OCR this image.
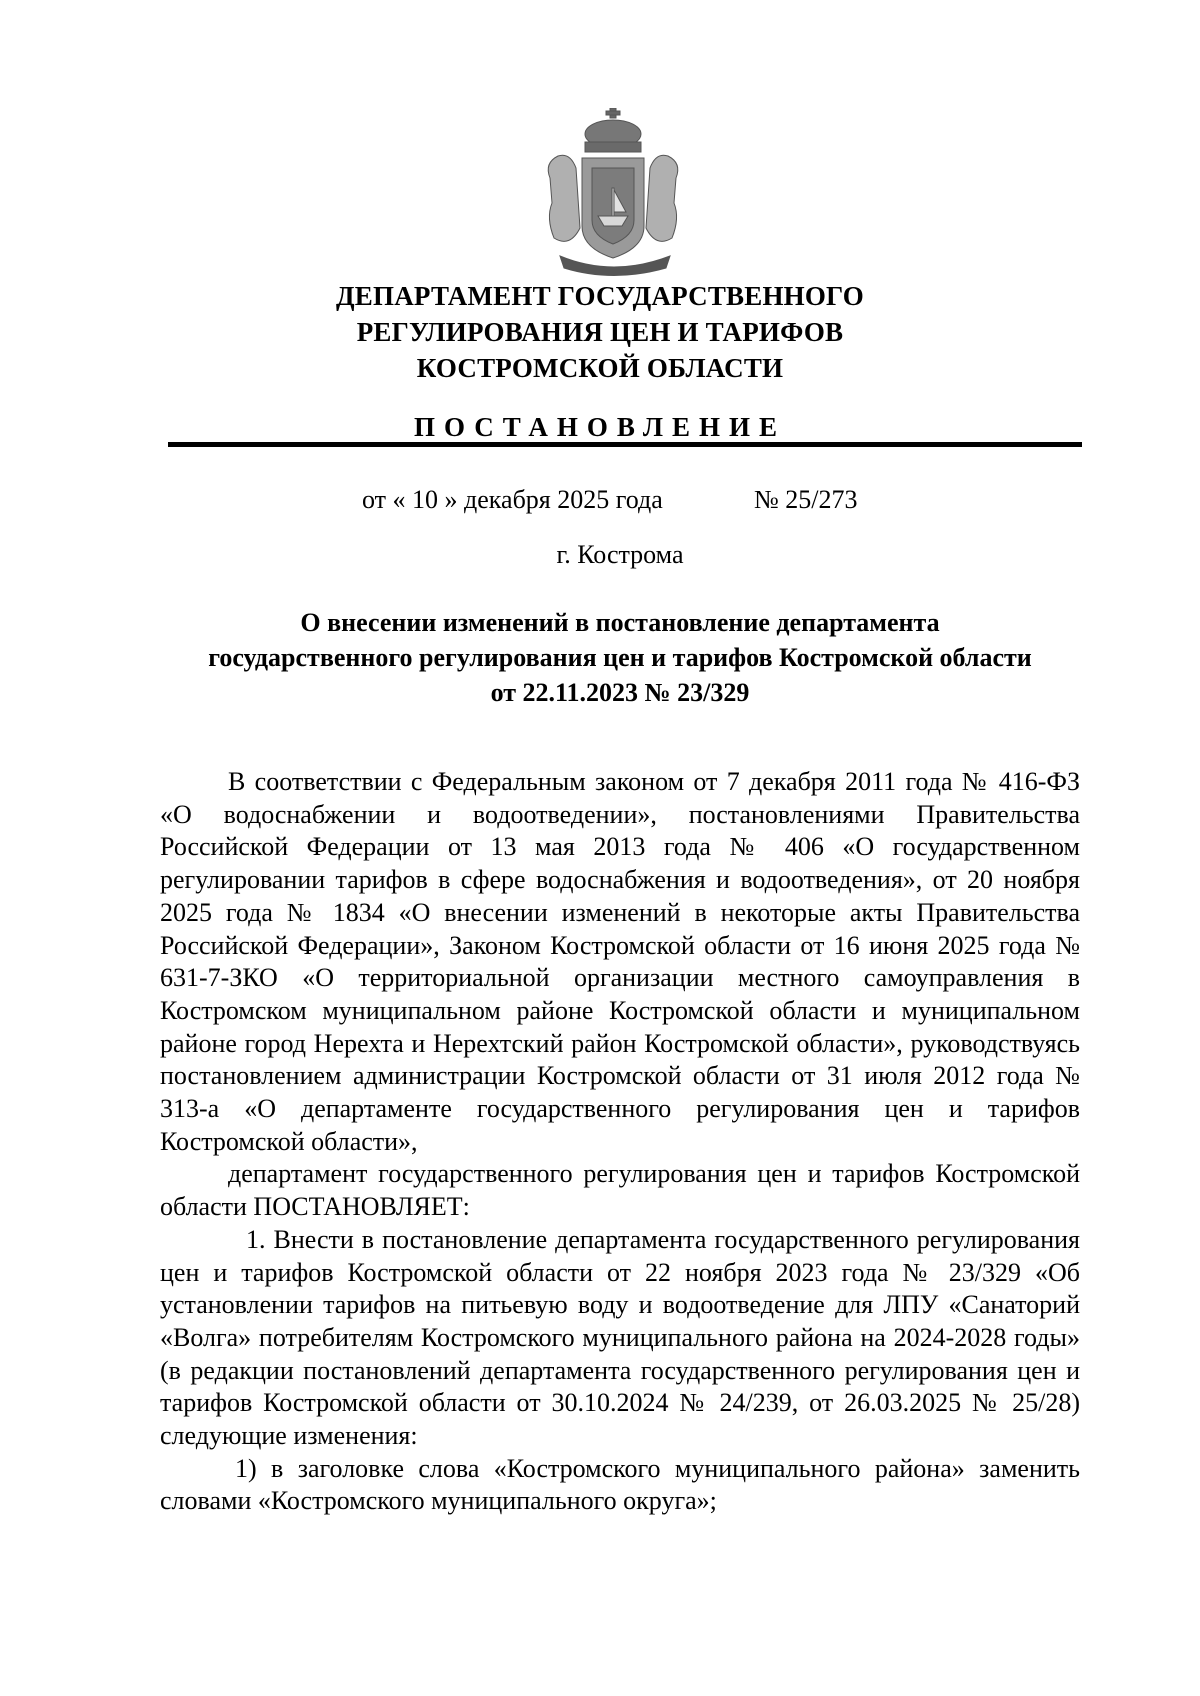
ДЕПАРТАМЕНТ ГОСУДАРСТВЕННОГО
РЕГУЛИРОВАНИЯ ЦЕН И ТАРИФОВ
КОСТРОМСКОЙ ОБЛАСТИ
ПОСТАНОВЛЕНИЕ
от « 10 » декабря 2025 года	№ 25/273
г. Кострома
О внесении изменений в постановление департамента
государственного регулирования цен и тарифов Костромской области
от 22.11.2023 № 23/329

В соответствии с Федеральным законом от 7 декабря 2011 года № 416-ФЗ «О водоснабжении и водоотведении», постановлениями Правительства Российской Федерации от 13 мая 2013 года № 406 «О государственном регулировании тарифов в сфере водоснабжения и водоотведения», от 20 ноября 2025 года № 1834 «О внесении изменений в некоторые акты Правительства Российской Федерации», Законом Костромской области от 16 июня 2025 года № 631-7-ЗКО «О территориальной организации местного самоуправления в Костромском муниципальном районе Костромской области и муниципальном районе город Нерехта и Нерехтский район Костромской области», руководствуясь постановлением администрации Костромской области от 31 июля 2012 года № 313-а «О департаменте государственного регулирования цен и тарифов Костромской области»,

департамент государственного регулирования цен и тарифов Костромской области ПОСТАНОВЛЯЕТ:

1. Внести в постановление департамента государственного регулирования цен и тарифов Костромской области от 22 ноября 2023 года № 23/329 «Об установлении тарифов на питьевую воду и водоотведение для ЛПУ «Санаторий «Волга» потребителям Костромского муниципального района на 2024-2028 годы» (в редакции постановлений департамента государственного регулирования цен и тарифов Костромской области от 30.10.2024 № 24/239, от 26.03.2025 № 25/28) следующие изменения:

1) в заголовке слова «Костромского муниципального района» заменить словами «Костромского муниципального округа»;
